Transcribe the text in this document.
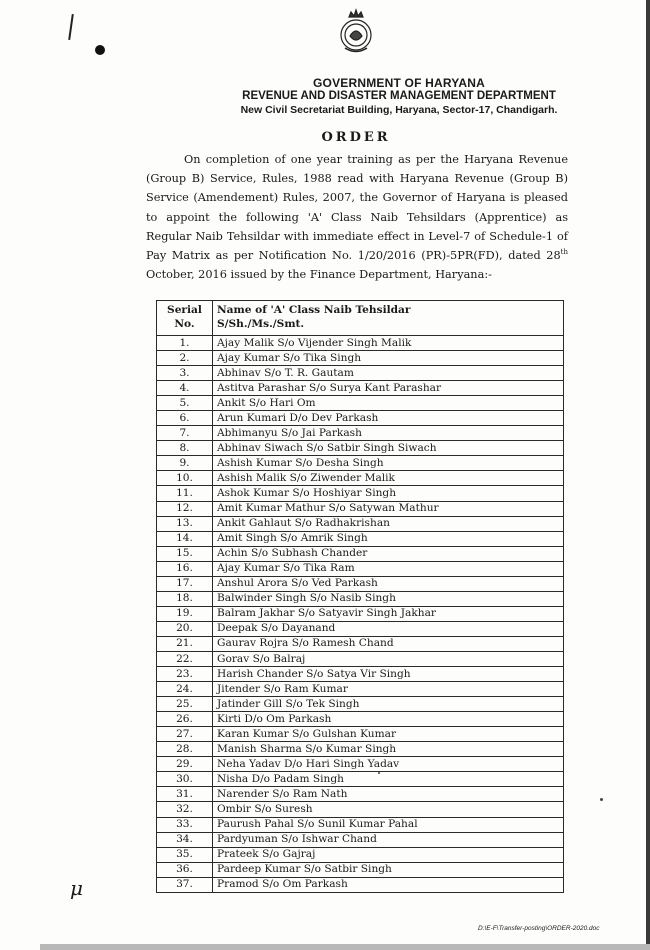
GOVERNMENT OF HARYANA
REVENUE AND DISASTER MANAGEMENT DEPARTMENT
New Civil Secretariat Building, Haryana, Sector-17, Chandigarh.
ORDER
On completion of one year training as per the Haryana Revenue (Group B) Service, Rules, 1988 read with Haryana Revenue (Group B) Service (Amendement) Rules, 2007, the Governor of Haryana is pleased to appoint the following 'A' Class Naib Tehsildars (Apprentice) as Regular Naib Tehsildar with immediate effect in Level-7 of Schedule-1 of Pay Matrix as per Notification No. 1/20/2016 (PR)-5PR(FD), dated 28th October, 2016 issued by the Finance Department, Haryana:-
Serial
No.	Name of 'A' Class Naib Tehsildar
S/Sh./Ms./Smt.
1.	Ajay Malik S/o Vijender Singh Malik
2.	Ajay Kumar S/o Tika Singh
3.	Abhinav S/o T. R. Gautam
4.	Astitva Parashar S/o Surya Kant Parashar
5.	Ankit S/o Hari Om
6.	Arun Kumari D/o Dev Parkash
7.	Abhimanyu S/o Jai Parkash
8.	Abhinav Siwach S/o Satbir Singh Siwach
9.	Ashish Kumar S/o Desha Singh
10.	Ashish Malik S/o Ziwender Malik
11.	Ashok Kumar S/o Hoshiyar Singh
12.	Amit Kumar Mathur S/o Satywan Mathur
13.	Ankit Gahlaut S/o Radhakrishan
14.	Amit Singh S/o Amrik Singh
15.	Achin S/o Subhash Chander
16.	Ajay Kumar S/o Tika Ram
17.	Anshul Arora S/o Ved Parkash
18.	Balwinder Singh S/o Nasib Singh
19.	Balram Jakhar S/o Satyavir Singh Jakhar
20.	Deepak S/o Dayanand
21.	Gaurav Rojra S/o Ramesh Chand
22.	Gorav S/o Balraj
23.	Harish Chander S/o Satya Vir Singh
24.	Jitender S/o Ram Kumar
25.	Jatinder Gill S/o Tek Singh
26.	Kirti D/o Om Parkash
27.	Karan Kumar S/o Gulshan Kumar
28.	Manish Sharma S/o Kumar Singh
29.	Neha Yadav D/o Hari Singh Yadav
30.	Nisha D/o Padam Singh
31.	Narender S/o Ram Nath
32.	Ombir S/o Suresh
33.	Paurush Pahal S/o Sunil Kumar Pahal
34.	Pardyuman S/o Ishwar Chand
35.	Prateek S/o Gajraj
36.	Pardeep Kumar S/o Satbir Singh
37.	Pramod S/o Om Parkash
μ
D:\E-F\Transfer-posting\ORDER-2020.doc
